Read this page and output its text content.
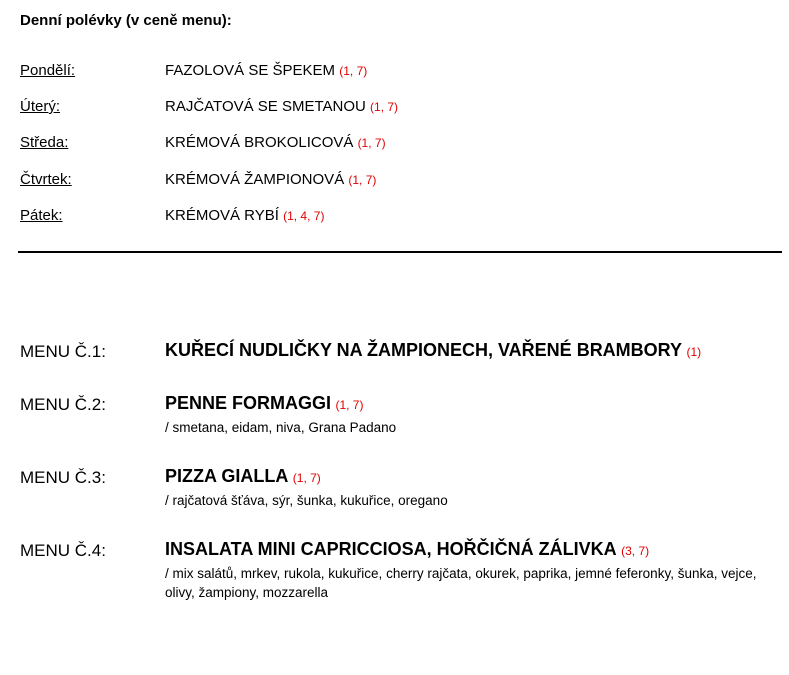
Denní polévky (v ceně menu):
Pondělí:	FAZOLOVÁ SE ŠPEKEM (1, 7)
Úterý:	RAJČATOVÁ SE SMETANOU (1, 7)
Středa:	KRÉMOVÁ BROKOLICOVÁ (1, 7)
Čtvrtek:	KRÉMOVÁ ŽAMPIONOVÁ (1, 7)
Pátek:	KRÉMOVÁ RYBÍ (1, 4, 7)
MENU Č.1:	KUŘECÍ NUDLIČKY NA ŽAMPIONECH, VAŘENÉ BRAMBORY (1)
MENU Č.2:	PENNE FORMAGGI (1, 7)
/ smetana, eidam, niva, Grana Padano
MENU Č.3:	PIZZA GIALLA (1, 7)
/ rajčatová šťáva, sýr, šunka, kukuřice, oregano
MENU Č.4:	INSALATA MINI CAPRICCIOSA, HOŘČIČNÁ ZÁLIVKA (3, 7)
/ mix salátů, mrkev, rukola, kukuřice, cherry rajčata, okurek, paprika, jemné feferonky, šunka, vejce, olivy, žampiony, mozzarella
